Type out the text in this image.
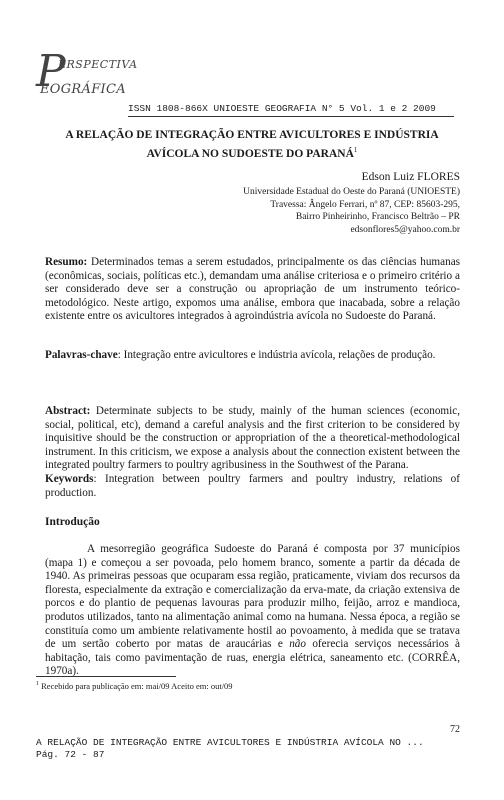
P
ERSPECTIVA
EOGRÁFICA
ISSN 1808-866X UNIOESTE GEOGRAFIA N° 5 Vol. 1 e 2 2009
A RELAÇÃO DE INTEGRAÇÃO ENTRE AVICULTORES E INDÚSTRIA
AVÍCOLA NO SUDOESTE DO PARANÁ$^1$
Edson Luiz FLORES
Universidade Estadual do Oeste do Paraná (UNIOESTE)
Travessa: Ângelo Ferrari, nº 87, CEP: 85603-295,
Bairro Pinheirinho, Francisco Beltrão – PR
edsonflores5@yahoo.com.br
Resumo: Determinados temas a serem estudados, principalmente os das ciências humanas (econômicas, sociais, políticas etc.), demandam uma análise criteriosa e o primeiro critério a ser considerado deve ser a construção ou apropriação de um instrumento teórico-metodológico. Neste artigo, expomos uma análise, embora que inacabada, sobre a relação existente entre os avicultores integrados à agroindústria avícola no Sudoeste do Paraná.
Palavras-chave: Integração entre avicultores e indústria avícola, relações de produção.
Abstract: Determinate subjects to be study, mainly of the human sciences (economic, social, political, etc), demand a careful analysis and the first criterion to be considered by inquisitive should be the construction or appropriation of the a theoretical-methodological instrument. In this criticism, we expose a analysis about the connection existent between the integrated poultry farmers to poultry agribusiness in the Southwest of the Parana.
Keywords: Integration between poultry farmers and poultry industry, relations of production.
Introdução
A mesorregião geográfica Sudoeste do Paraná é composta por 37 municípios (mapa 1) e começou a ser povoada, pelo homem branco, somente a partir da década de 1940. As primeiras pessoas que ocuparam essa região, praticamente, viviam dos recursos da floresta, especialmente da extração e comercialização da erva-mate, da criação extensiva de porcos e do plantio de pequenas lavouras para produzir milho, feijão, arroz e mandioca, produtos utilizados, tanto na alimentação animal como na humana. Nessa época, a região se constituía como um ambiente relativamente hostil ao povoamento, à medida que se tratava de um sertão coberto por matas de araucárias e não oferecia serviços necessários à habitação, tais como pavimentação de ruas, energia elétrica, saneamento etc. (CORRÊA, 1970a).
$^1$ Recebido para publicação em: mai/09 Aceito em: out/09
72
A RELAÇÃO DE INTEGRAÇÃO ENTRE AVICULTORES E INDÚSTRIA AVÍCOLA NO ...
Pág. 72 - 87
